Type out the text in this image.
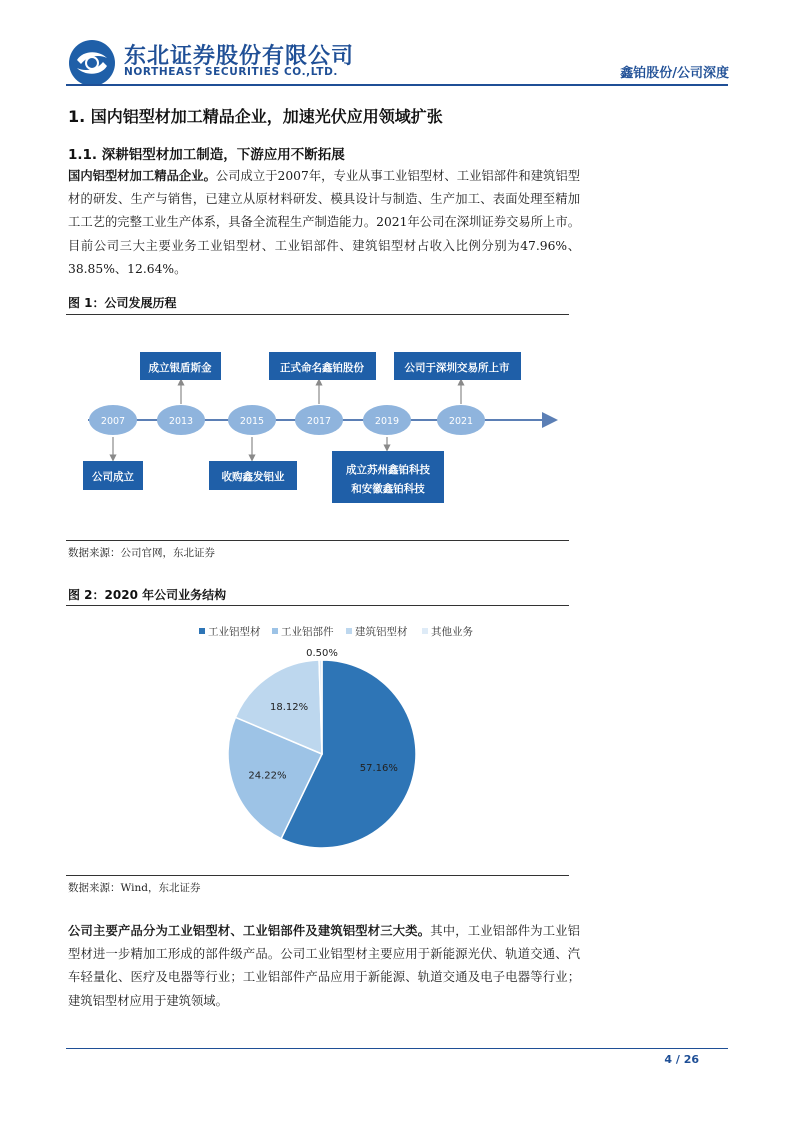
东北证券股份有限公司
NORTHEAST SECURITIES CO.,LTD.	鑫铂股份/公司深度
1. 国内铝型材加工精品企业，加速光伏应用领域扩张
1.1. 深耕铝型材加工制造，下游应用不断拓展
国内铝型材加工精品企业。公司成立于2007年，专业从事工业铝型材、工业铝部件和建筑铝型材的研发、生产与销售，已建立从原材料研发、模具设计与制造、生产加工、表面处理至精加工工艺的完整工业生产体系，具备全流程生产制造能力。2021年公司在深圳证券交易所上市。目前公司三大主要业务工业铝型材、工业铝部件、建筑铝型材占收入比例分别为47.96%、38.85%、12.64%。
图 1：公司发展历程
2007	2013	2015	2017	2019	2021
成立银盾斯金	正式命名鑫铂股份	公司于深圳交易所上市
公司成立	收购鑫发铝业
成立苏州鑫铂科技
和安徽鑫铂科技
数据来源：公司官网，东北证券
图 2：2020 年公司业务结构
工业铝型材 工业铝部件 建筑铝型材 其他业务
57.16%
24.22%
18.12%
0.50%
数据来源：Wind，东北证券
公司主要产品分为工业铝型材、工业铝部件及建筑铝型材三大类。其中，工业铝部件为工业铝型材进一步精加工形成的部件级产品。公司工业铝型材主要应用于新能源光伏、轨道交通、汽车轻量化、医疗及电器等行业；工业铝部件产品应用于新能源、轨道交通及电子电器等行业；建筑铝型材应用于建筑领域。
4 / 26
